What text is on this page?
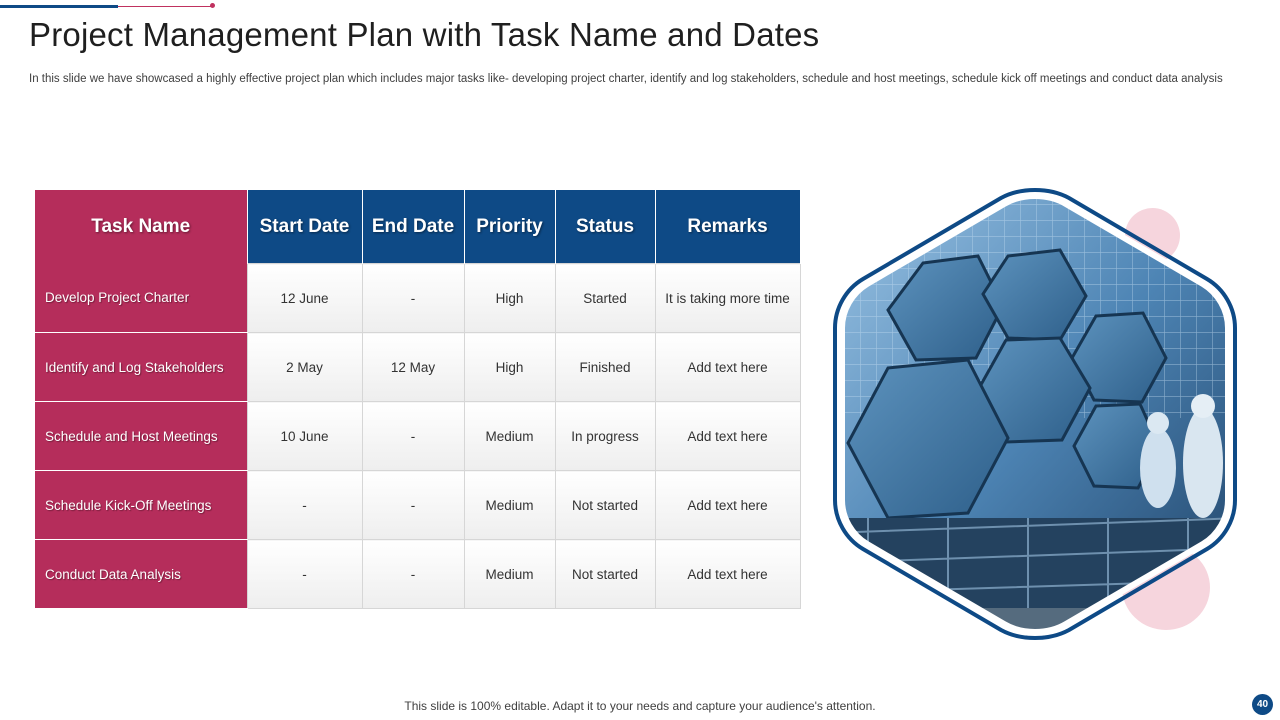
Project Management Plan with Task Name and Dates

In this slide we have showcased a highly effective project plan which includes major tasks like- developing project charter, identify and log stakeholders, schedule and host meetings, schedule kick off meetings and conduct data analysis

Task Name	Start Date	End Date	Priority	Status	Remarks
Develop Project Charter	12 June	-	High	Started	It is taking more time
Identify and Log Stakeholders	2 May	12 May	High	Finished	Add text here
Schedule and Host Meetings	10 June	-	Medium	In progress	Add text here
Schedule Kick-Off Meetings	-	-	Medium	Not started	Add text here
Conduct Data Analysis	-	-	Medium	Not started	Add text here

This slide is 100% editable. Adapt it to your needs and capture your audience's attention.	40
